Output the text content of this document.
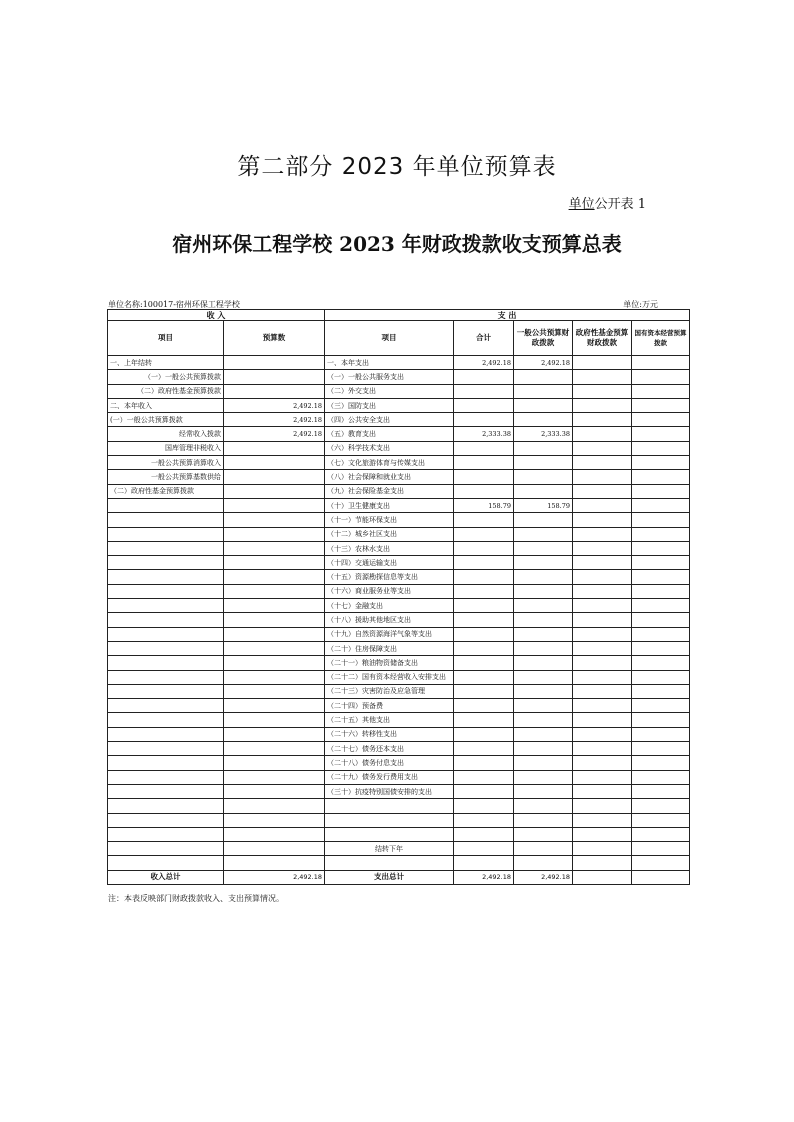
第二部分 2023 年单位预算表
单位公开表 1
宿州环保工程学校 2023 年财政拨款收支预算总表
单位名称:100017-宿州环保工程学校	单位:万元
收 入		支 出				
项目	预算数	项目	合计	一般公共预算财政拨款	政府性基金预算财政拨款	国有资本经营预算拨款
一、上年结转		一、本年支出	2,492.18	2,492.18		
（一）一般公共预算拨款		（一）一般公共服务支出				
（二）政府性基金预算拨款		（二）外交支出				
二、本年收入	2,492.18	（三）国防支出				
(一）一般公共预算拨款	2,492.18	（四）公共安全支出				
经常收入拨款	2,492.18	（五）教育支出	2,333.38	2,333.38		
国库管理非税收入		（六）科学技术支出				
一般公共预算消算收入		（七）文化旅游体育与传媒支出				
一般公共预算基数供给		（八）社会保障和就业支出				
（二）政府性基金预算拨款		（九）社会保险基金支出				
		（十）卫生健康支出	158.79	158.79		
		（十一）节能环保支出				
		（十二）城乡社区支出				
		（十三）农林水支出				
		（十四）交通运输支出				
		（十五）资源勘探信息等支出				
		（十六）商业服务业等支出				
		（十七）金融支出				
		（十八）援助其他地区支出				
		（十九）自然资源海洋气象等支出				
		（二十）住房保障支出				
		（二十一）粮油物资储备支出				
		（二十二）国有资本经营收入安排支出				
		（二十三）灾害防治及应急管理				
		（二十四）预备费				
		（二十五）其他支出				
		（二十六）转移性支出				
		（二十七）债务还本支出				
		（二十八）债务付息支出				
		（二十九）债务发行费用支出				
		（三十）抗疫特别国债安排的支出				

		结转下年				

收入总计	2,492.18	支出总计	2,492.18	2,492.18		
注：本表反映部门财政拨款收入、支出预算情况。
